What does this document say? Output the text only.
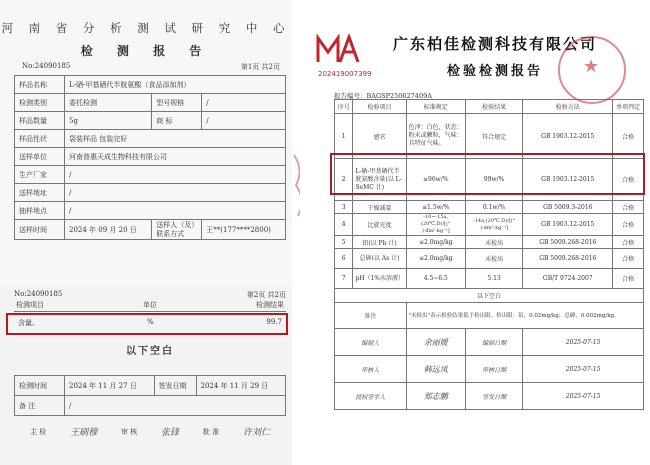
河 南 省 分 析 测 试 研 究 中 心
检 测 报 告
No:24090185	第1页 共2页
样品名称	L-硒-甲基硒代半胱氨酸（食品添加剂）		
检测类别	委托检测	型号规格	/
样品数量	5g	商 标	/
样品性状	袋装样品 包装完好		
送样单位	河南普惠天成生物科技有限公司		
生产厂家	/		
送样地址	/		
抽样地点	/		
送样时间	2024 年 09 月 20 日	送样人（及）联系方式	王**(177****2800)
No:24090185	第2页 共2页
检测项目	单位	检测结果
含量,	%	99.7
以下空白
检测时间	2024 年 11 月 27 日	签发日期	2024 年 11 月 29 日
备 注	/		
主 检	王刷穆	审 核	张锋	批 准	许刘仁
202419007399
广东柏佳检测科技有限公司
检验检测报告	★
报告编号：BAGSP250627409A
序号	检验项目	标准规定	检验结果	检验方法	单项判定
1	感官	色泽：白色，状态：粉末或颗粒，气味：具特征气味。	符合规定	GB 1903.12-2015	合格
2	L-硒-甲基硒代半胱氨酸含量(以 L-SeMC 计)	≥96w/%	99w/%	GB 1903.12-2015	合格
3	干燥减量	≤1.5w/%	0.1w/%	GB 5009.3-2016	合格
4	比旋光度	-10~-15a,(20℃,D)/[(° )·dm²·kg⁻¹]	-14a,(20℃,D)/[(° )·dm²·kg⁻¹]	GB 1903.12-2015	合格
5	铅(以 Pb 计)	≤2.0mg/kg	未检出	GB 5009.268-2016	合格
6	总砷(以 As 计)	≤2.0mg/kg	未检出	GB 5009.268-2016	合格
7	pH（1%水溶液）	4.5~6.5	5.13	GB/T 9724-2007	合格
以下空白					
备注		"未检出"表示检验结果低于检出限。检出限：铅，0.02mg/kg，总砷，0.002mg/kg。			
编制人		余丽媛	编制日期	2025-07-15	
审核人		韩远凤	审核日期	2025-07-15	
授权签字人		郑志鹏	签发日期	2025-07-15	
